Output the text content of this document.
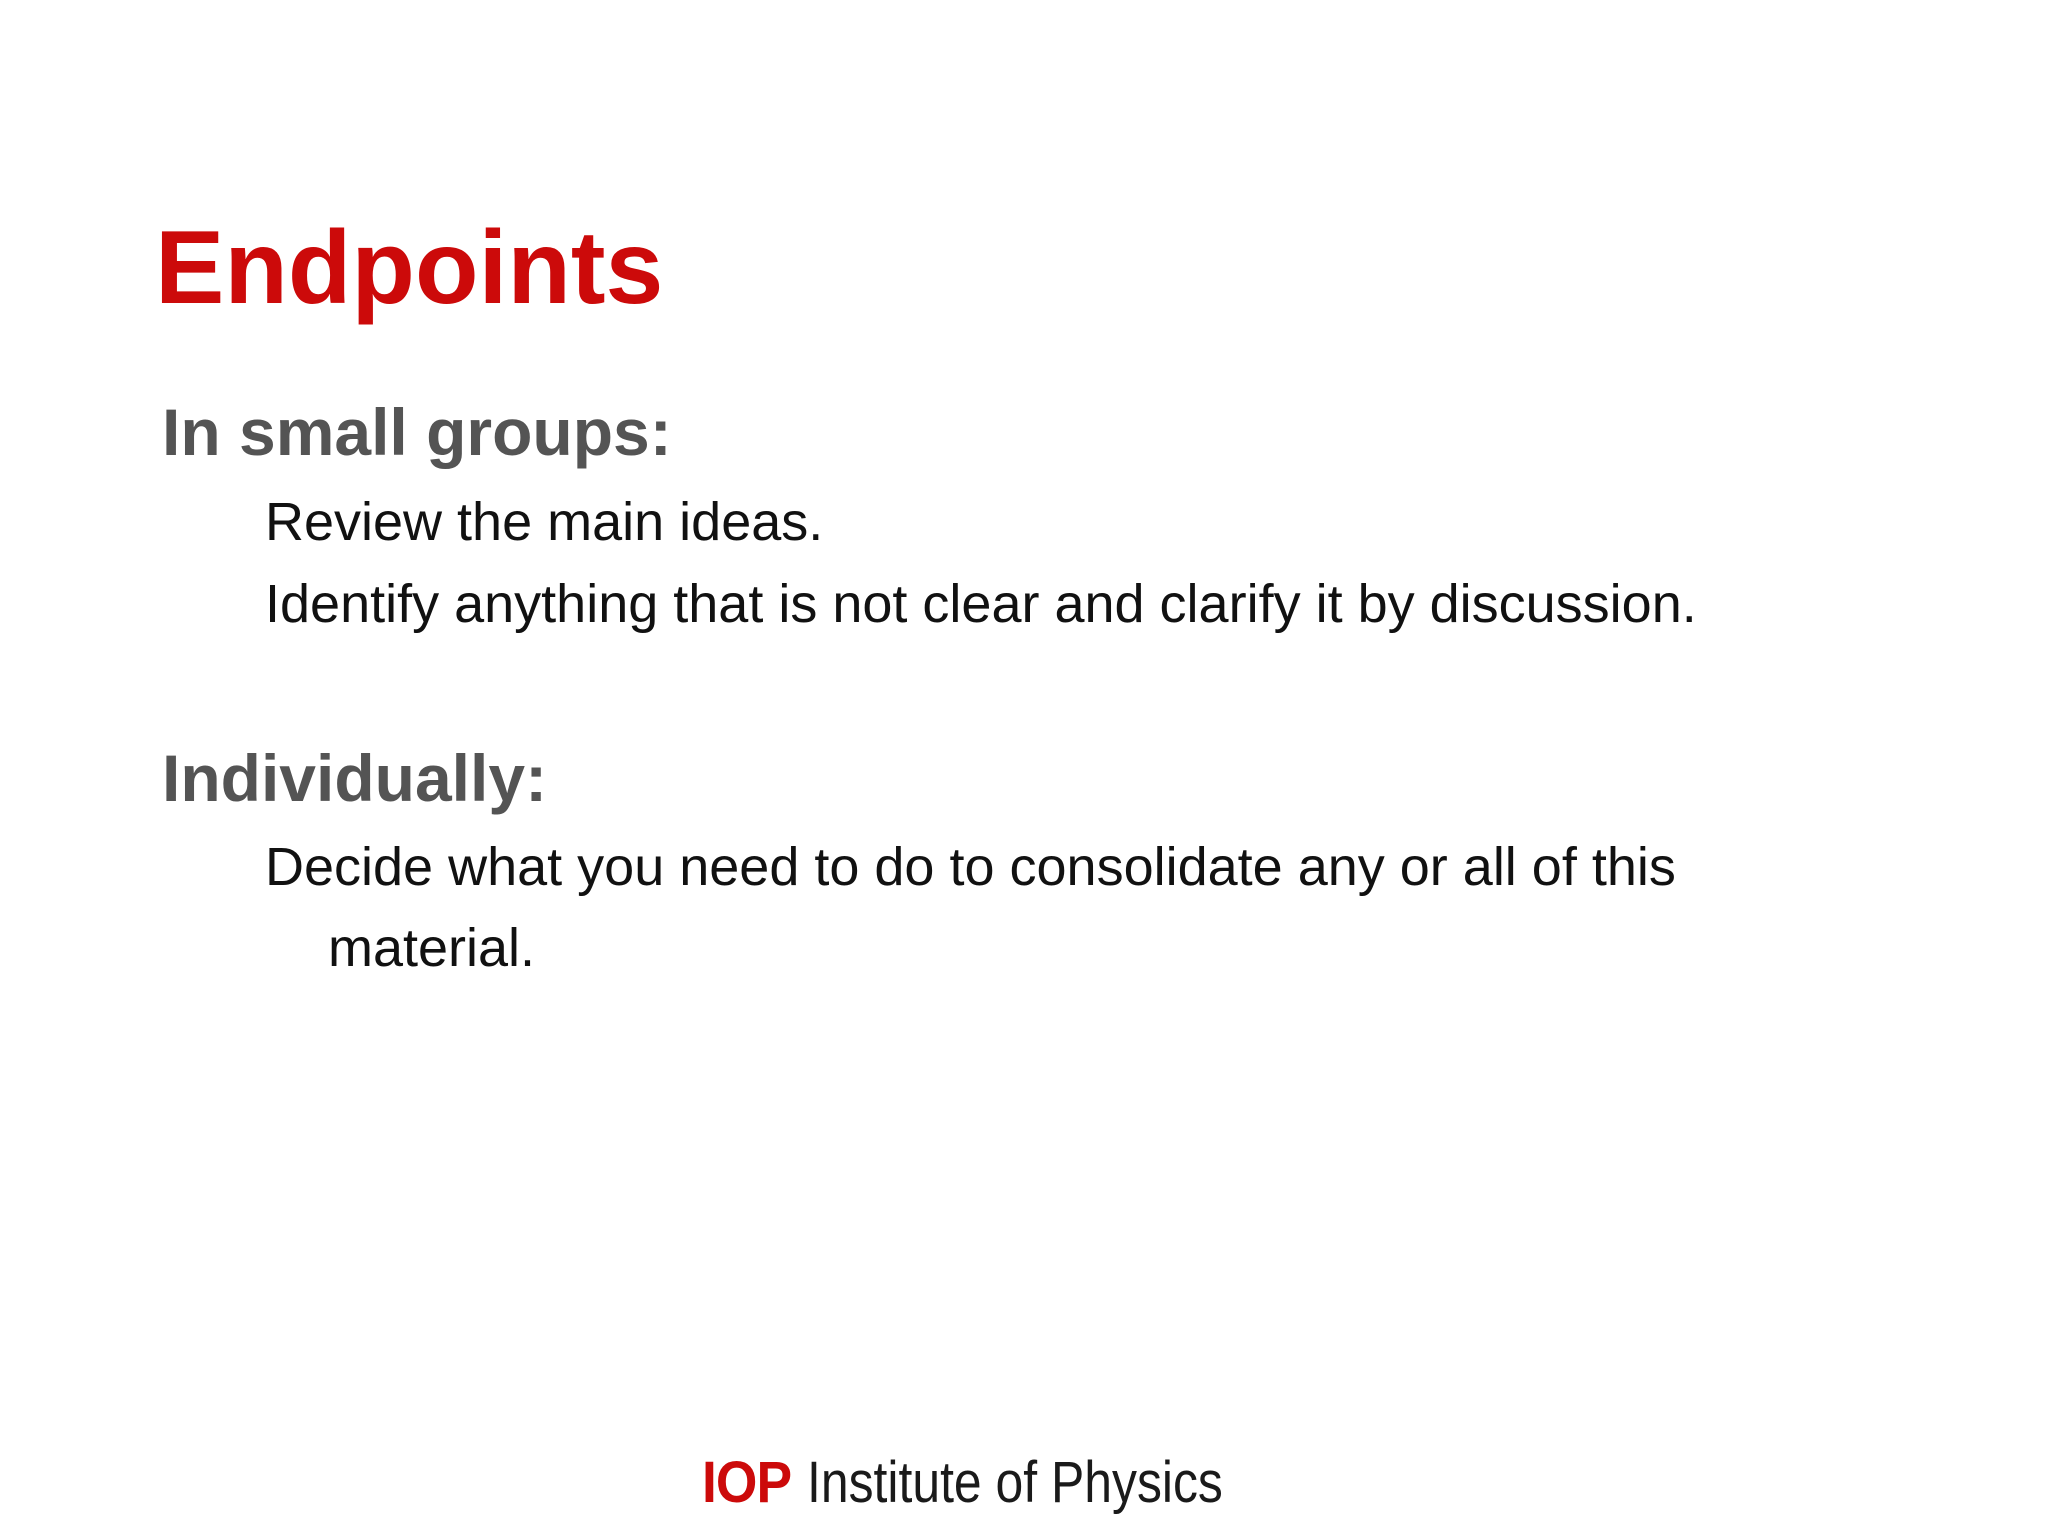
Endpoints
In small groups:

Review the main ideas.

Identify anything that is not clear and clarify it by discussion.

Individually:

Decide what you need to do to consolidate any or all of this

material.

IOP Institute of Physics
